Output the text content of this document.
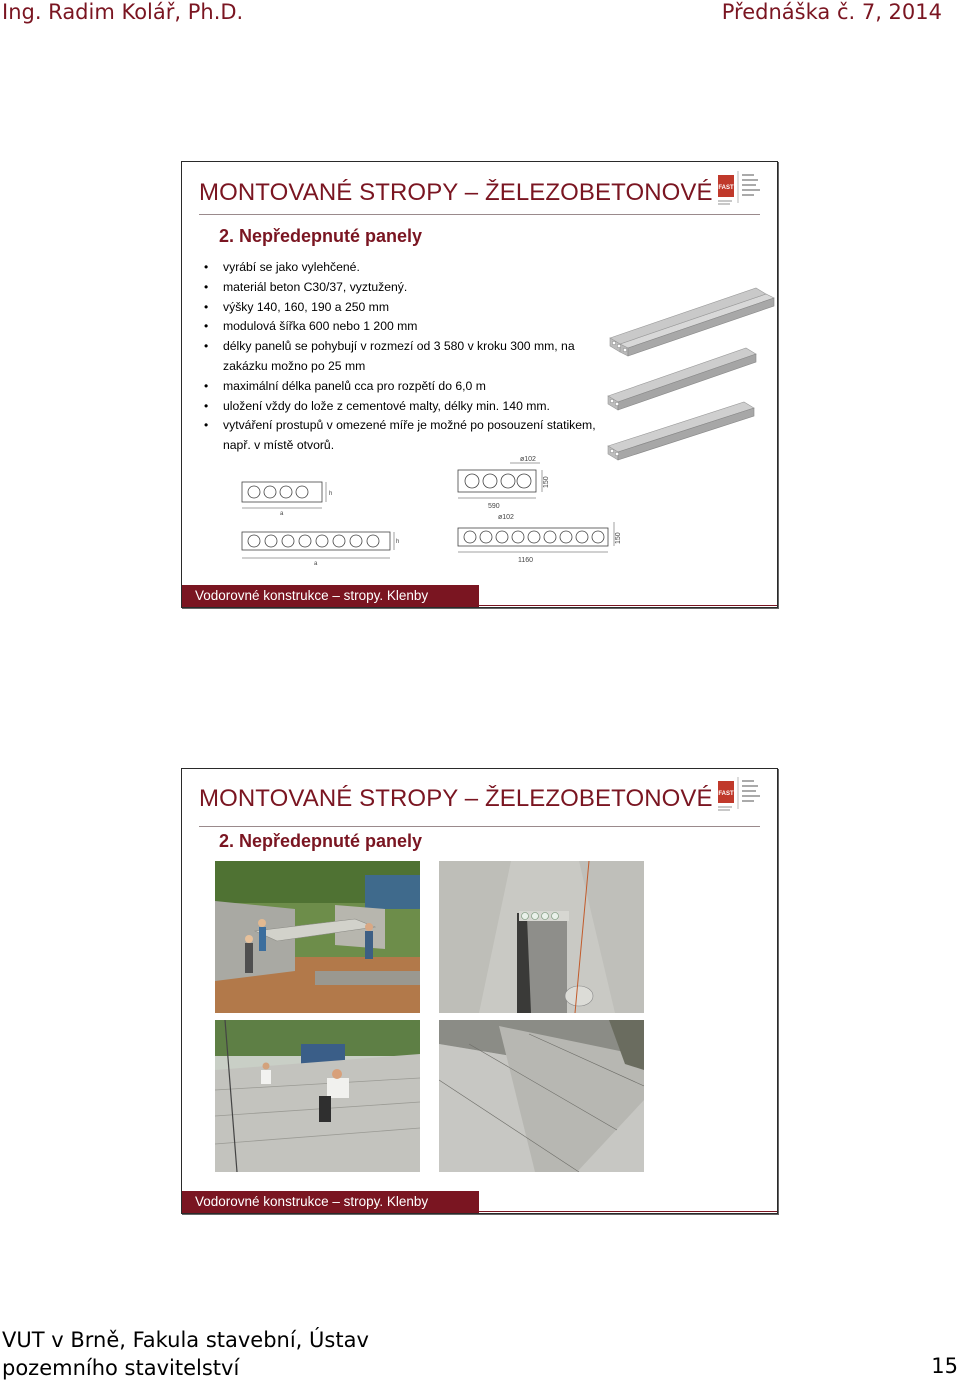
Ing. Radim Kolář, Ph.D.	Přednáška č. 7, 2014
MONTOVANÉ STROPY – ŽELEZOBETONOVÉ FAST
2. Nepředepnuté panely
• vyrábí se jako vylehčené.
• materiál beton C30/37, vyztužený.
• výšky 140, 160, 190 a 250 mm
• modulová šířka 600 nebo 1 200 mm
• délky panelů se pohybují v rozmezí od 3 580 v kroku 300 mm, na zakázku možno po 25 mm
• maximální délka panelů cca pro rozpětí do 6,0 m
• uložení vždy do lože z cementové malty, délky min. 140 mm.
• vytváření prostupů v omezené míře je možné po posouzení statikem, např. v místě otvorů.
h
a
h
a
ø102
150
590
ø102
150
1160
Vodorovné konstrukce – stropy. Klenby
MONTOVANÉ STROPY – ŽELEZOBETONOVÉ FAST
2. Nepředepnuté panely
Vodorovné konstrukce – stropy. Klenby
VUT v Brně, Fakula stavební, Ústav
pozemního stavitelství	15
